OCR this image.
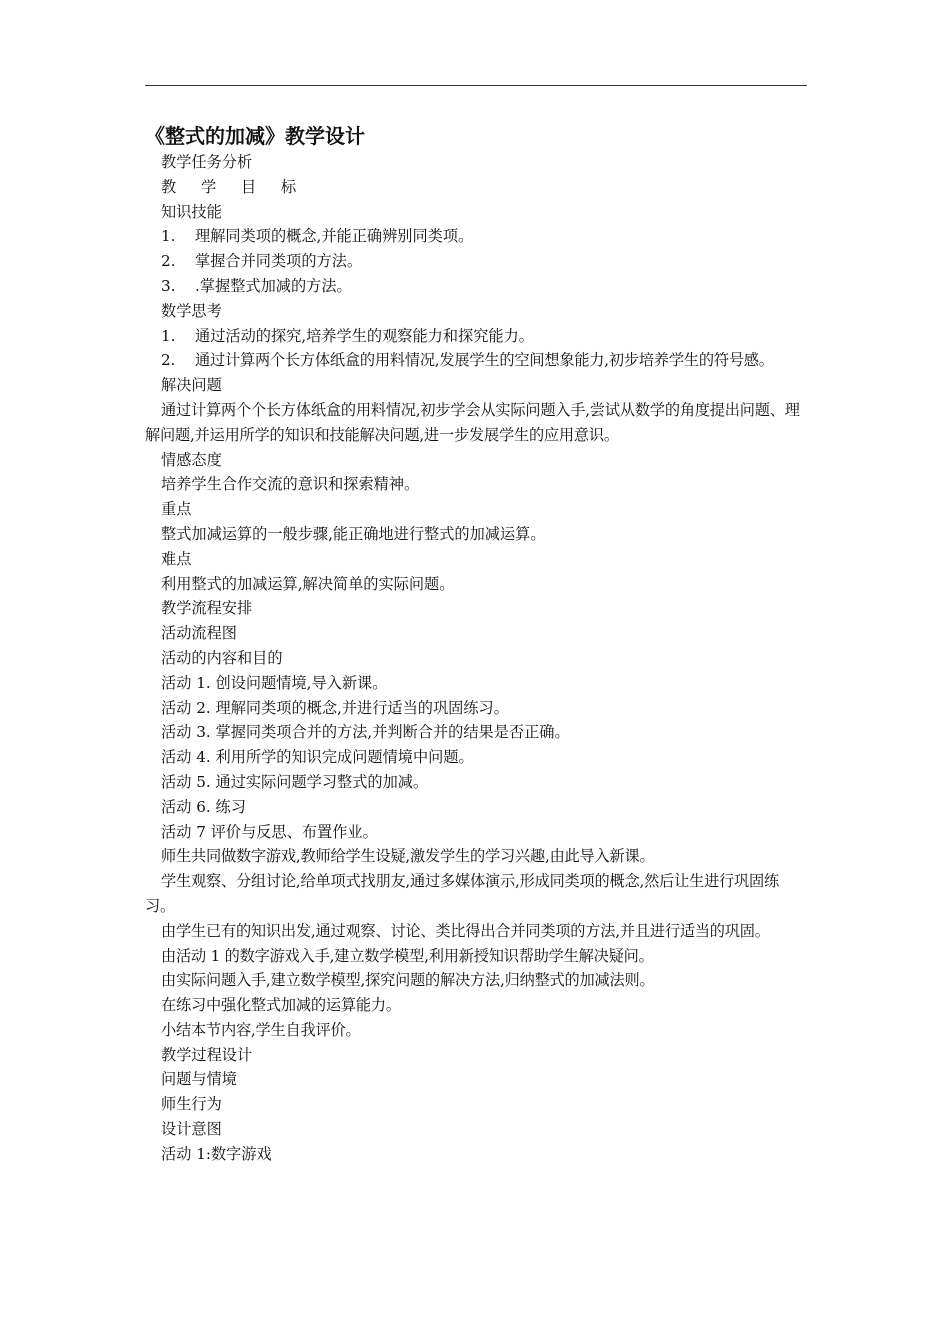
《整式的加减》教学设计
教学任务分析
教 学 目 标
知识技能
1. 理解同类项的概念,并能正确辨别同类项。
2. 掌握合并同类项的方法。
3. .掌握整式加减的方法。
数学思考
1. 通过活动的探究,培养学生的观察能力和探究能力。
2. 通过计算两个长方体纸盒的用料情况,发展学生的空间想象能力,初步培养学生的符号感。
解决问题
通过计算两个个长方体纸盒的用料情况,初步学会从实际问题入手,尝试从数学的角度提出问题、理解问题,并运用所学的知识和技能解决问题,进一步发展学生的应用意识。
情感态度
培养学生合作交流的意识和探索精神。
重点
整式加减运算的一般步骤,能正确地进行整式的加减运算。
难点
利用整式的加减运算,解决简单的实际问题。
教学流程安排
活动流程图
活动的内容和目的
活动 1. 创设问题情境,导入新课。
活动 2. 理解同类项的概念,并进行适当的巩固练习。
活动 3. 掌握同类项合并的方法,并判断合并的结果是否正确。
活动 4. 利用所学的知识完成问题情境中问题。
活动 5. 通过实际问题学习整式的加减。
活动 6. 练习
活动 7 评价与反思、布置作业。
师生共同做数字游戏,教师给学生设疑,激发学生的学习兴趣,由此导入新课。
学生观察、分组讨论,给单项式找朋友,通过多媒体演示,形成同类项的概念,然后让生进行巩固练习。
由学生已有的知识出发,通过观察、讨论、类比得出合并同类项的方法,并且进行适当的巩固。
由活动 1 的数字游戏入手,建立数学模型,利用新授知识帮助学生解决疑问。
由实际问题入手,建立数学模型,探究问题的解决方法,归纳整式的加减法则。
在练习中强化整式加减的运算能力。
小结本节内容,学生自我评价。
教学过程设计
问题与情境
师生行为
设计意图
活动 1:数字游戏
